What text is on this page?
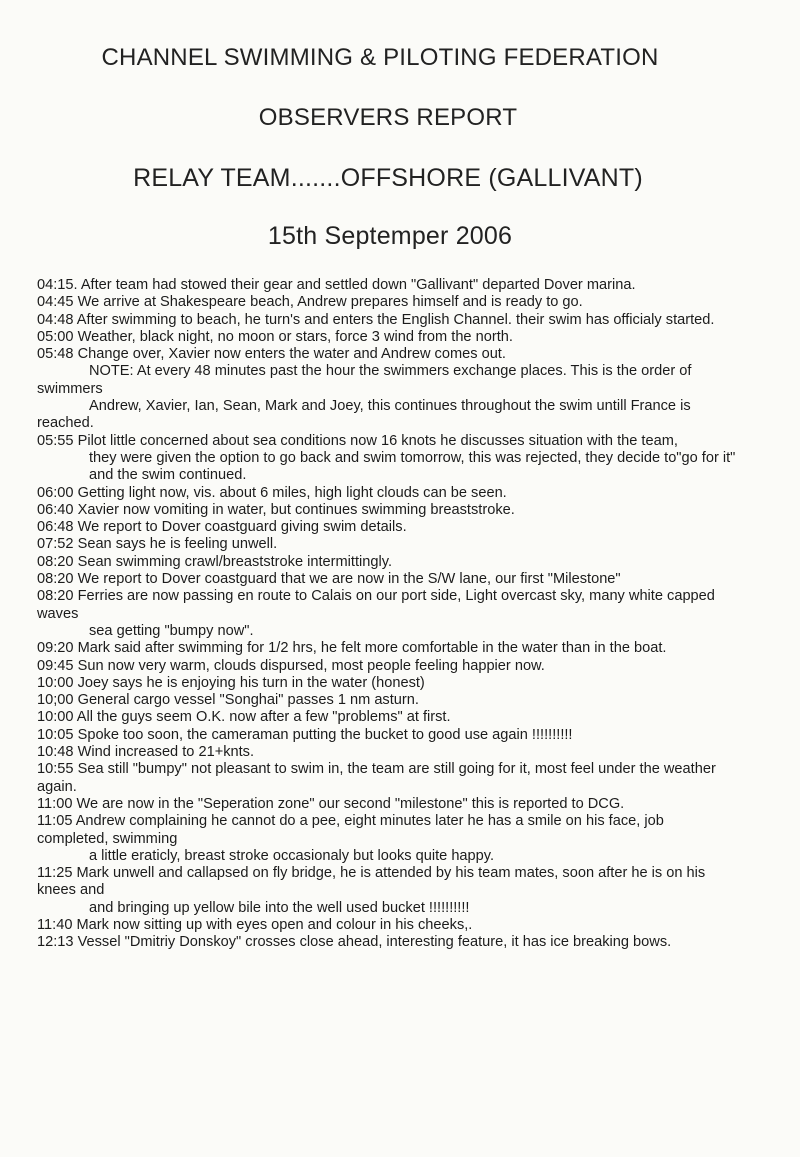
CHANNEL SWIMMING & PILOTING FEDERATION
OBSERVERS REPORT
RELAY TEAM.......OFFSHORE (GALLIVANT)
15th Septemper 2006

04:15. After team had stowed their gear and settled down "Gallivant" departed Dover marina.

04:45 We arrive at Shakespeare beach, Andrew prepares himself and is ready to go.

04:48 After swimming to beach, he turn's and enters the English Channel. their swim has officialy started.

05:00 Weather, black night, no moon or stars, force 3 wind from the north.

05:48 Change over, Xavier now enters the water and Andrew comes out.

NOTE: At every 48 minutes past the hour the swimmers exchange places. This is the order of swimmers

Andrew, Xavier, Ian, Sean, Mark and Joey, this continues throughout the swim untill France is reached.

05:55 Pilot little concerned about sea conditions now 16 knots he discusses situation with the team,

they were given the option to go back and swim tomorrow, this was rejected, they decide to"go for it"

and the swim continued.

06:00 Getting light now, vis. about 6 miles, high light clouds can be seen.

06:40 Xavier now vomiting in water, but continues swimming breaststroke.

06:48 We report to Dover coastguard giving swim details.

07:52 Sean says he is feeling unwell.

08:20 Sean swimming crawl/breaststroke intermittingly.

08:20 We report to Dover coastguard that we are now in the S/W lane, our first "Milestone"

08:20 Ferries are now passing en route to Calais on our port side, Light overcast sky, many white capped waves

sea getting "bumpy now".

09:20 Mark said after swimming for 1/2 hrs, he felt more comfortable in the water than in the boat.

09:45 Sun now very warm, clouds dispursed, most people feeling happier now.

10:00 Joey says he is enjoying his turn in the water (honest)

10;00 General cargo vessel "Songhai" passes 1 nm asturn.

10:00 All the guys seem O.K. now after a few "problems" at first.

10:05 Spoke too soon, the cameraman putting the bucket to good use again !!!!!!!!!!

10:48 Wind increased to 21+knts.

10:55 Sea still "bumpy" not pleasant to swim in, the team are still going for it, most feel under the weather again.

11:00 We are now in the "Seperation zone" our second "milestone" this is reported to DCG.

11:05 Andrew complaining he cannot do a pee, eight minutes later he has a smile on his face, job completed, swimming

a little eraticly, breast stroke occasionaly but looks quite happy.

11:25 Mark unwell and callapsed on fly bridge, he is attended by his team mates, soon after he is on his knees and

and bringing up yellow bile into the well used bucket !!!!!!!!!!

11:40 Mark now sitting up with eyes open and colour in his cheeks,.

12:13 Vessel "Dmitriy Donskoy" crosses close ahead, interesting feature, it has ice breaking bows.
